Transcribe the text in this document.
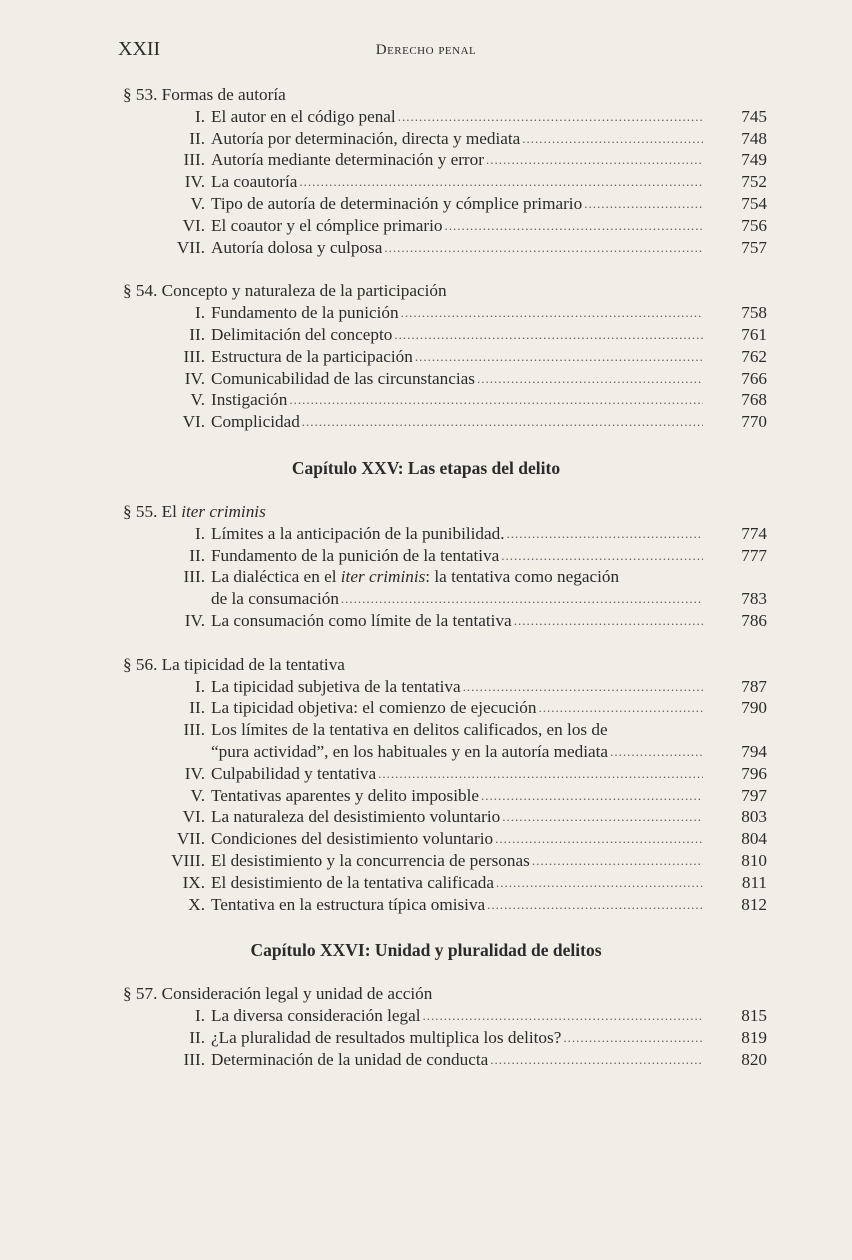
XXII	Derecho penal
§ 53. Formas de autoría
I. El autor en el código penal .....	745
II. Autoría por determinación, directa y mediata .....	748
III. Autoría mediante determinación y error .....	749
IV. La coautoría .....	752
V. Tipo de autoría de determinación y cómplice primario .....	754
VI. El coautor y el cómplice primario .....	756
VII. Autoría dolosa y culposa .....	757
§ 54. Concepto y naturaleza de la participación
I. Fundamento de la punición .....	758
II. Delimitación del concepto .....	761
III. Estructura de la participación .....	762
IV. Comunicabilidad de las circunstancias .....	766
V. Instigación .....	768
VI. Complicidad .....	770
Capítulo XXV: Las etapas del delito
§ 55. El iter criminis
I. Límites a la anticipación de la punibilidad. .....	774
II. Fundamento de la punición de la tentativa .....	777
III. La dialéctica en el iter criminis: la tentativa como negación
de la consumación .....	783
IV. La consumación como límite de la tentativa .....	786
§ 56. La tipicidad de la tentativa
I. La tipicidad subjetiva de la tentativa .....	787
II. La tipicidad objetiva: el comienzo de ejecución .....	790
III. Los límites de la tentativa en delitos calificados, en los de
“pura actividad”, en los habituales y en la autoría mediata .....	794
IV. Culpabilidad y tentativa .....	796
V. Tentativas aparentes y delito imposible .....	797
VI. La naturaleza del desistimiento voluntario .....	803
VII. Condiciones del desistimiento voluntario .....	804
VIII. El desistimiento y la concurrencia de personas .....	810
IX. El desistimiento de la tentativa calificada .....	811
X. Tentativa en la estructura típica omisiva .....	812
Capítulo XXVI: Unidad y pluralidad de delitos
§ 57. Consideración legal y unidad de acción
I. La diversa consideración legal .....	815
II. ¿La pluralidad de resultados multiplica los delitos? .....	819
III. Determinación de la unidad de conducta .....	820
